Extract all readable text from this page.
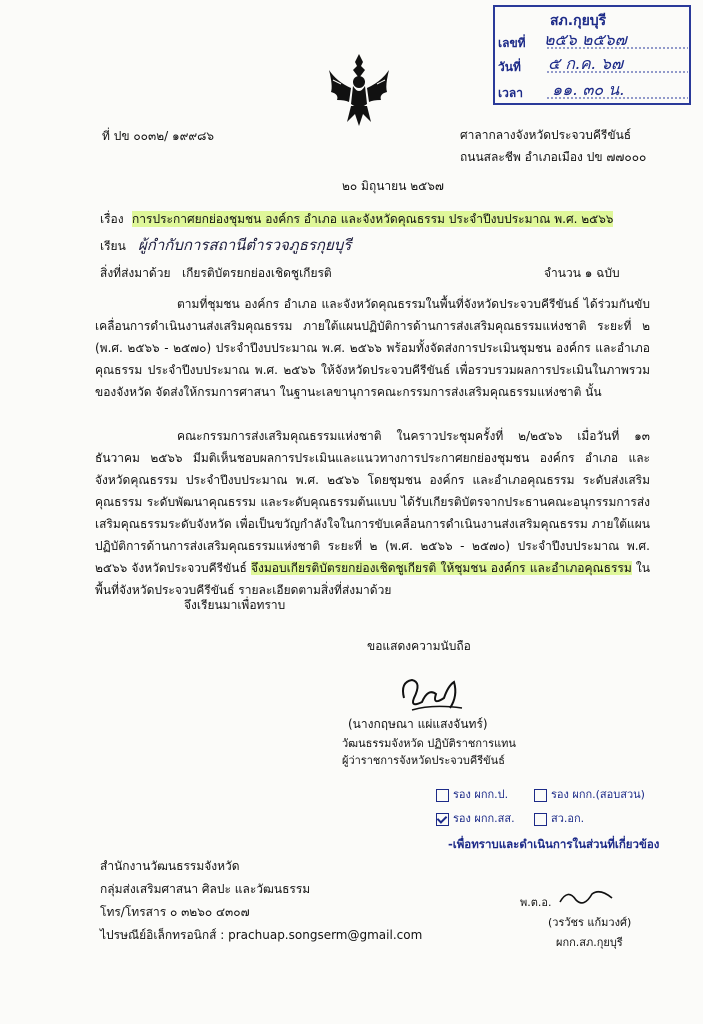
สภ.กุยบุรี
เลขที่ ๒๕๖ ๒๕๖๗
วันที่ ๕ ก.ค. ๖๗
เวลา ๑๑. ๓๐ น.
ที่ ปข ๐๐๓๒/ ๑๙๙๘๖	ศาลากลางจังหวัดประจวบคีรีขันธ์
ถนนสละชีพ อำเภอเมือง ปข ๗๗๐๐๐
๒๐ มิถุนายน ๒๕๖๗
เรื่อง การประกาศยกย่องชุมชน องค์กร อำเภอ และจังหวัดคุณธรรม ประจำปีงบประมาณ พ.ศ. ๒๕๖๖
เรียน ผู้กำกับการสถานีตำรวจภูธรกุยบุรี
สิ่งที่ส่งมาด้วย เกียรติบัตรยกย่องเชิดชูเกียรติ	จำนวน ๑ ฉบับ
ตามที่ชุมชน องค์กร อำเภอ และจังหวัดคุณธรรมในพื้นที่จังหวัดประจวบคีรีขันธ์ ได้ร่วมกันขับเคลื่อนการดำเนินงานส่งเสริมคุณธรรม ภายใต้แผนปฏิบัติการด้านการส่งเสริมคุณธรรมแห่งชาติ ระยะที่ ๒ (พ.ศ. ๒๕๖๖ - ๒๕๗๐) ประจำปีงบประมาณ พ.ศ. ๒๕๖๖ พร้อมทั้งจัดส่งการประเมินชุมชน องค์กร และอำเภอคุณธรรม ประจำปีงบประมาณ พ.ศ. ๒๕๖๖ ให้จังหวัดประจวบคีรีขันธ์ เพื่อรวบรวมผลการประเมินในภาพรวมของจังหวัด จัดส่งให้กรมการศาสนา ในฐานะเลขานุการคณะกรรมการส่งเสริมคุณธรรมแห่งชาติ นั้น
คณะกรรมการส่งเสริมคุณธรรมแห่งชาติ ในคราวประชุมครั้งที่ ๒/๒๕๖๖ เมื่อวันที่ ๑๓ ธันวาคม ๒๕๖๖ มีมติเห็นชอบผลการประเมินและแนวทางการประกาศยกย่องชุมชน องค์กร อำเภอ และจังหวัดคุณธรรม ประจำปีงบประมาณ พ.ศ. ๒๕๖๖ โดยชุมชน องค์กร และอำเภอคุณธรรม ระดับส่งเสริมคุณธรรม ระดับพัฒนาคุณธรรม และระดับคุณธรรมต้นแบบ ได้รับเกียรติบัตรจากประธานคณะอนุกรรมการส่งเสริมคุณธรรมระดับจังหวัด เพื่อเป็นขวัญกำลังใจในการขับเคลื่อนการดำเนินงานส่งเสริมคุณธรรม ภายใต้แผนปฏิบัติการด้านการส่งเสริมคุณธรรมแห่งชาติ ระยะที่ ๒ (พ.ศ. ๒๕๖๖ - ๒๕๗๐) ประจำปีงบประมาณ พ.ศ. ๒๕๖๖ จังหวัดประจวบคีรีขันธ์ จึงมอบเกียรติบัตรยกย่องเชิดชูเกียรติ ให้ชุมชน องค์กร และอำเภอคุณธรรม ในพื้นที่จังหวัดประจวบคีรีขันธ์ รายละเอียดตามสิ่งที่ส่งมาด้วย
จึงเรียนมาเพื่อทราบ
ขอแสดงความนับถือ
(นางกฤษณา แผ่แสงจันทร์)
วัฒนธรรมจังหวัด ปฏิบัติราชการแทน
ผู้ว่าราชการจังหวัดประจวบคีรีขันธ์
รอง ผกก.ป.	รอง ผกก.(สอบสวน)
รอง ผกก.สส.	สว.อก.
-เพื่อทราบและดำเนินการในส่วนที่เกี่ยวข้อง
พ.ต.อ.
(วรวัชร แก้มวงศ์)
ผกก.สภ.กุยบุรี
สำนักงานวัฒนธรรมจังหวัด
กลุ่มส่งเสริมศาสนา ศิลปะ และวัฒนธรรม
โทร/โทรสาร ๐ ๓๒๖๐ ๔๓๐๗
ไปรษณีย์อิเล็กทรอนิกส์ : prachuap.songserm@gmail.com
